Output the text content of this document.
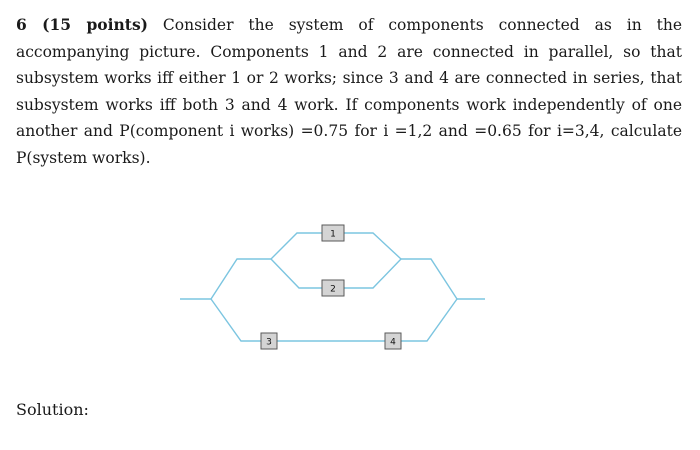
6 (15 points) Consider the system of components connected as in the accompanying picture. Components 1 and 2 are connected in parallel, so that subsystem works iff either 1 or 2 works; since 3 and 4 are connected in series, that subsystem works iff both 3 and 4 work. If components work independently of one another and P(component i works) =0.75 for i =1,2 and =0.65 for i=3,4, calculate P(system works).

1
2
3	4

Solution:
